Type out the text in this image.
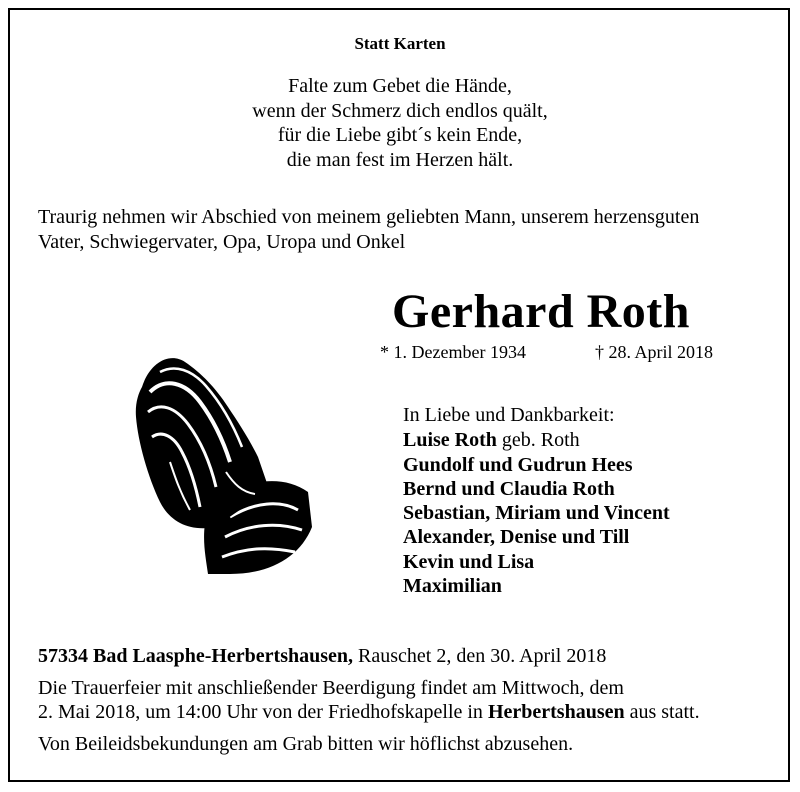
Statt Karten
Falte zum Gebet die Hände,
wenn der Schmerz dich endlos quält,
für die Liebe gibt´s kein Ende,
die man fest im Herzen hält.
Traurig nehmen wir Abschied von meinem geliebten Mann, unserem herzensguten
Vater, Schwiegervater, Opa, Uropa und Onkel
Gerhard Roth
* 1. Dezember 1934	† 28. April 2018
In Liebe und Dankbarkeit:
Luise Roth geb. Roth
Gundolf und Gudrun Hees
Bernd und Claudia Roth
Sebastian, Miriam und Vincent
Alexander, Denise und Till
Kevin und Lisa
Maximilian
57334 Bad Laasphe-Herbertshausen, Rauschet 2, den 30. April 2018
Die Trauerfeier mit anschließender Beerdigung findet am Mittwoch, dem
2. Mai 2018, um 14:00 Uhr von der Friedhofskapelle in Herbertshausen aus statt.
Von Beileidsbekundungen am Grab bitten wir höflichst abzusehen.
